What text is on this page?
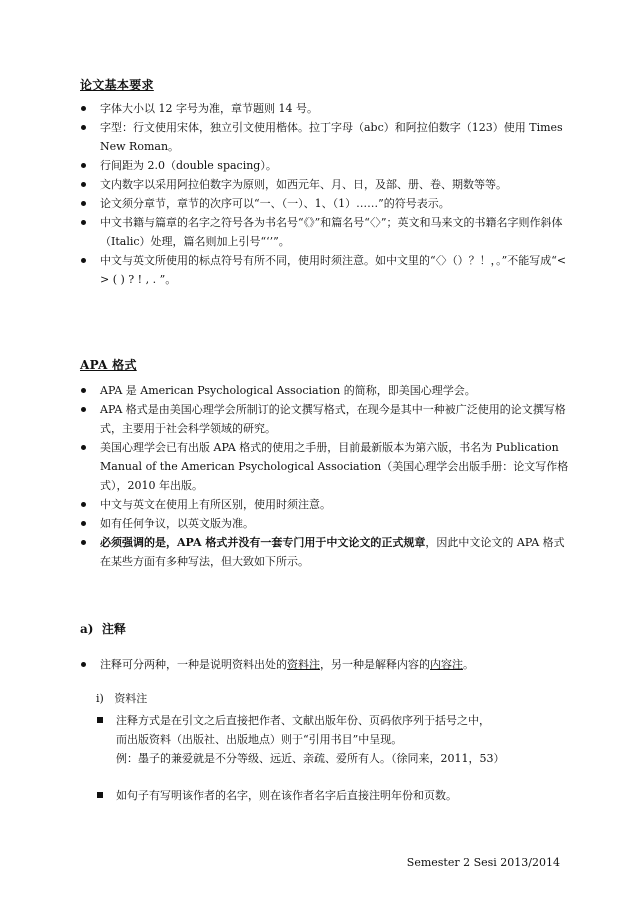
论文基本要求
字体大小以 12 字号为准，章节题则 14 号。
字型：行文使用宋体，独立引文使用楷体。拉丁字母（abc）和阿拉伯数字（123）使用 Times New Roman。
行间距为 2.0（double spacing）。
文内数字以采用阿拉伯数字为原则，如西元年、月、日，及部、册、卷、期数等等。
论文须分章节，章节的次序可以“一、（一）、1、（1）……”的符号表示。
中文书籍与篇章的名字之符号各为书名号“《》”和篇名号“〈〉”；英文和马来文的书籍名字则作斜体（Italic）处理，篇名则加上引号“‘’”。
中文与英文所使用的标点符号有所不同，使用时须注意。如中文里的“〈〉（）？！，。”不能写成“< > ( ) ? ! , . ”。
APA 格式
APA 是 American Psychological Association 的简称，即美国心理学会。
APA 格式是由美国心理学会所制订的论文撰写格式，在现今是其中一种被广泛使用的论文撰写格式，主要用于社会科学领域的研究。
美国心理学会已有出版 APA 格式的使用之手册，目前最新版本为第六版，书名为 Publication Manual of the American Psychological Association（美国心理学会出版手册：论文写作格式），2010 年出版。
中文与英文在使用上有所区别，使用时须注意。
如有任何争议，以英文版为准。
必须强调的是，APA 格式并没有一套专门用于中文论文的正式规章，因此中文论文的 APA 格式在某些方面有多种写法，但大致如下所示。
a) 注释
注释可分两种，一种是说明资料出处的资料注，另一种是解释内容的内容注。
i) 资料注
注释方式是在引文之后直接把作者、文献出版年份、页码依序列于括号之中，
而出版资料（出版社、出版地点）则于“引用书目”中呈现。
例：墨子的兼爱就是不分等级、远近、亲疏、爱所有人。（徐同来，2011，53）
如句子有写明该作者的名字，则在该作者名字后直接注明年份和页数。
Semester 2 Sesi 2013/2014
